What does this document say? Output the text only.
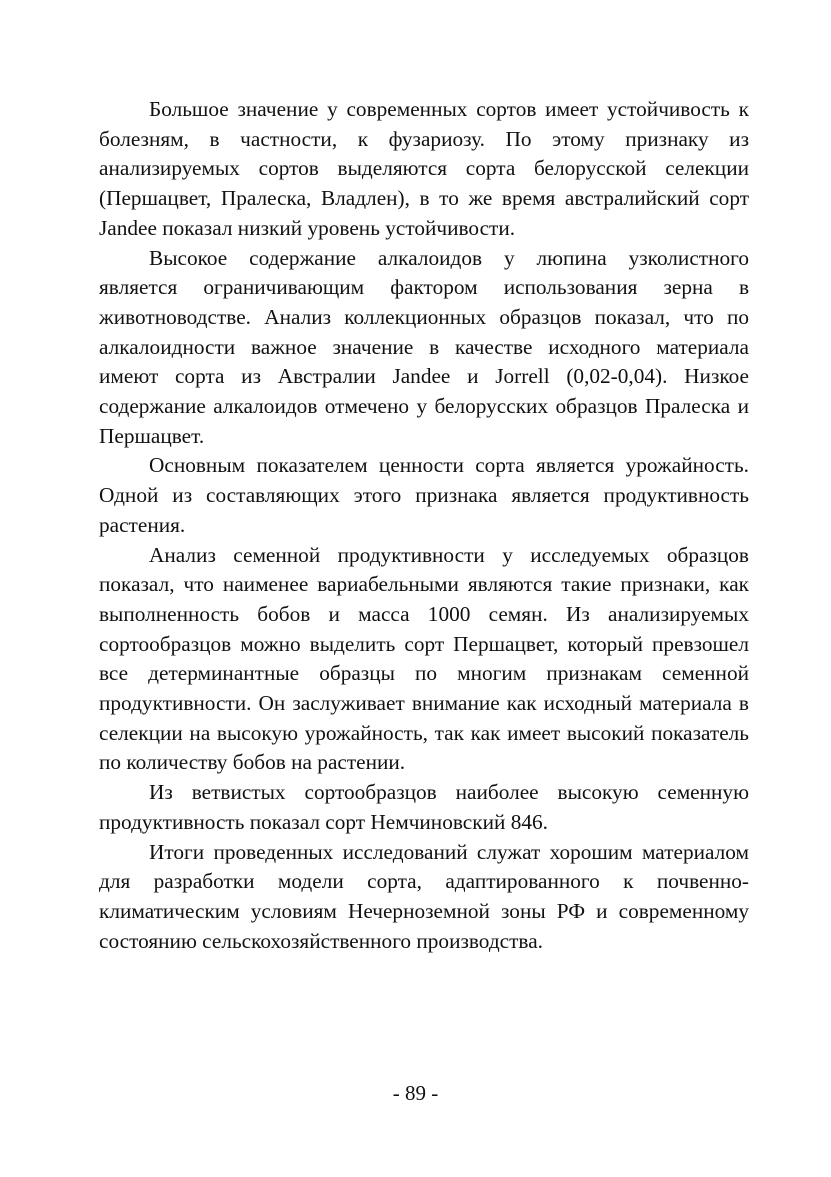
Большое значение у современных сортов имеет устойчивость к болезням, в частности, к фузариозу. По этому признаку из анализируемых сортов выделяются сорта белорусской селекции (Першацвет, Пралеска, Владлен), в то же время австралийский сорт Jandee показал низкий уровень устойчивости.

Высокое содержание алкалоидов у люпина узколистного является ограничивающим фактором использования зерна в животноводстве. Анализ коллекционных образцов показал, что по алкалоидности важное значение в качестве исходного материала имеют сорта из Австралии Jandee и Jorrell (0,02-0,04). Низкое содержание алкалоидов отмечено у белорусских образцов Пралеска и Першацвет.

Основным показателем ценности сорта является урожайность. Одной из составляющих этого признака является продуктивность растения.

Анализ семенной продуктивности у исследуемых образцов показал, что наименее вариабельными являются такие признаки, как выполненность бобов и масса 1000 семян. Из анализируемых сортообразцов можно выделить сорт Першацвет, который превзошел все детерминантные образцы по многим признакам семенной продуктивности. Он заслуживает внимание как исходный материала в селекции на высокую урожайность, так как имеет высокий показатель по количеству бобов на растении.

Из ветвистых сортообразцов наиболее высокую семенную продуктивность показал сорт Немчиновский 846.

Итоги проведенных исследований служат хорошим материалом для разработки модели сорта, адаптированного к почвенно-климатическим условиям Нечерноземной зоны РФ и современному состоянию сельскохозяйственного производства.

- 89 -
